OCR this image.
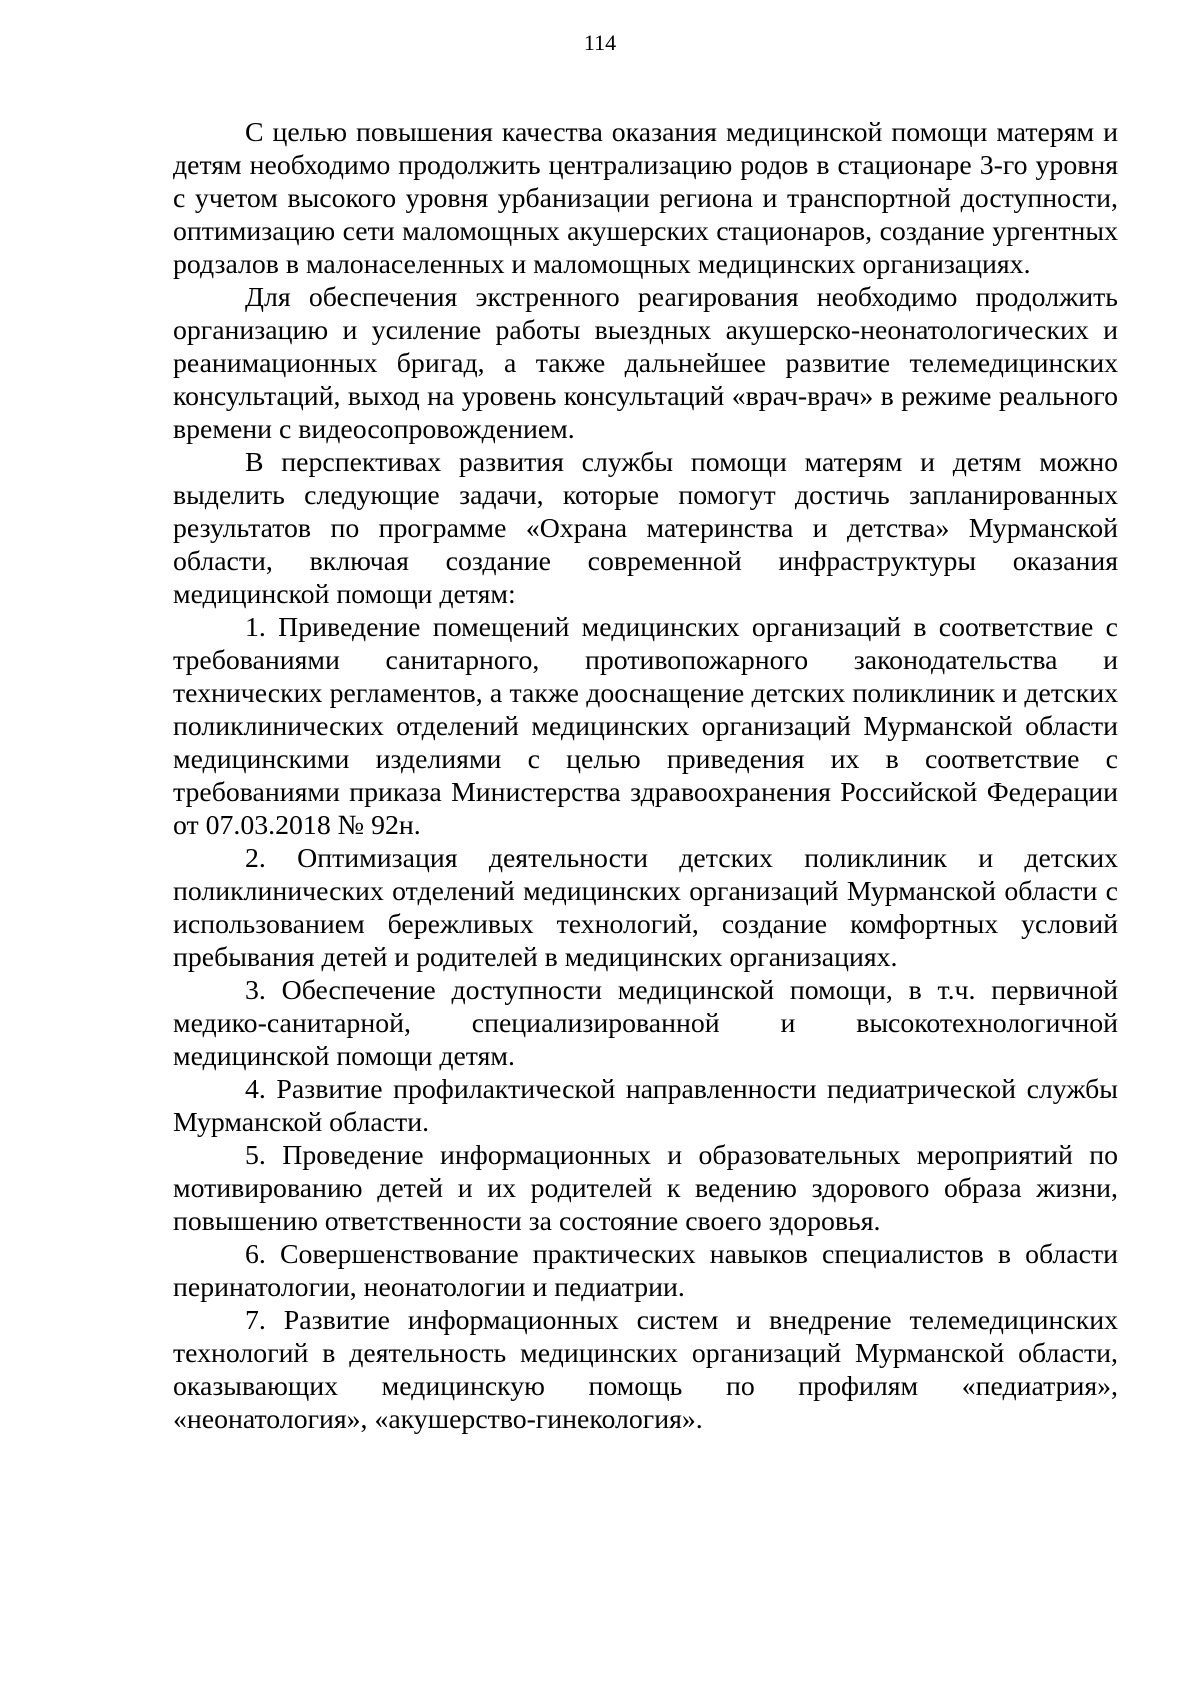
114

С целью повышения качества оказания медицинской помощи матерям и детям необходимо продолжить централизацию родов в стационаре 3-го уровня с учетом высокого уровня урбанизации региона и транспортной доступности, оптимизацию сети маломощных акушерских стационаров, создание ургентных родзалов в малонаселенных и маломощных медицинских организациях.

Для обеспечения экстренного реагирования необходимо продолжить организацию и усиление работы выездных акушерско-неонатологических и реанимационных бригад, а также дальнейшее развитие телемедицинских консультаций, выход на уровень консультаций «врач-врач» в режиме реального времени с видеосопровождением.

В перспективах развития службы помощи матерям и детям можно выделить следующие задачи, которые помогут достичь запланированных результатов по программе «Охрана материнства и детства» Мурманской области, включая создание современной инфраструктуры оказания медицинской помощи детям:

1. Приведение помещений медицинских организаций в соответствие с требованиями санитарного, противопожарного законодательства и технических регламентов, а также дооснащение детских поликлиник и детских поликлинических отделений медицинских организаций Мурманской области медицинскими изделиями с целью приведения их в соответствие с требованиями приказа Министерства здравоохранения Российской Федерации от 07.03.2018 № 92н.

2. Оптимизация деятельности детских поликлиник и детских поликлинических отделений медицинских организаций Мурманской области с использованием бережливых технологий, создание комфортных условий пребывания детей и родителей в медицинских организациях.

3. Обеспечение доступности медицинской помощи, в т.ч. первичной медико-санитарной, специализированной и высокотехнологичной медицинской помощи детям.

4. Развитие профилактической направленности педиатрической службы Мурманской области.

5. Проведение информационных и образовательных мероприятий по мотивированию детей и их родителей к ведению здорового образа жизни, повышению ответственности за состояние своего здоровья.

6. Совершенствование практических навыков специалистов в области перинатологии, неонатологии и педиатрии.

7. Развитие информационных систем и внедрение телемедицинских технологий в деятельность медицинских организаций Мурманской области, оказывающих медицинскую помощь по профилям «педиатрия», «неонатология», «акушерство-гинекология».
